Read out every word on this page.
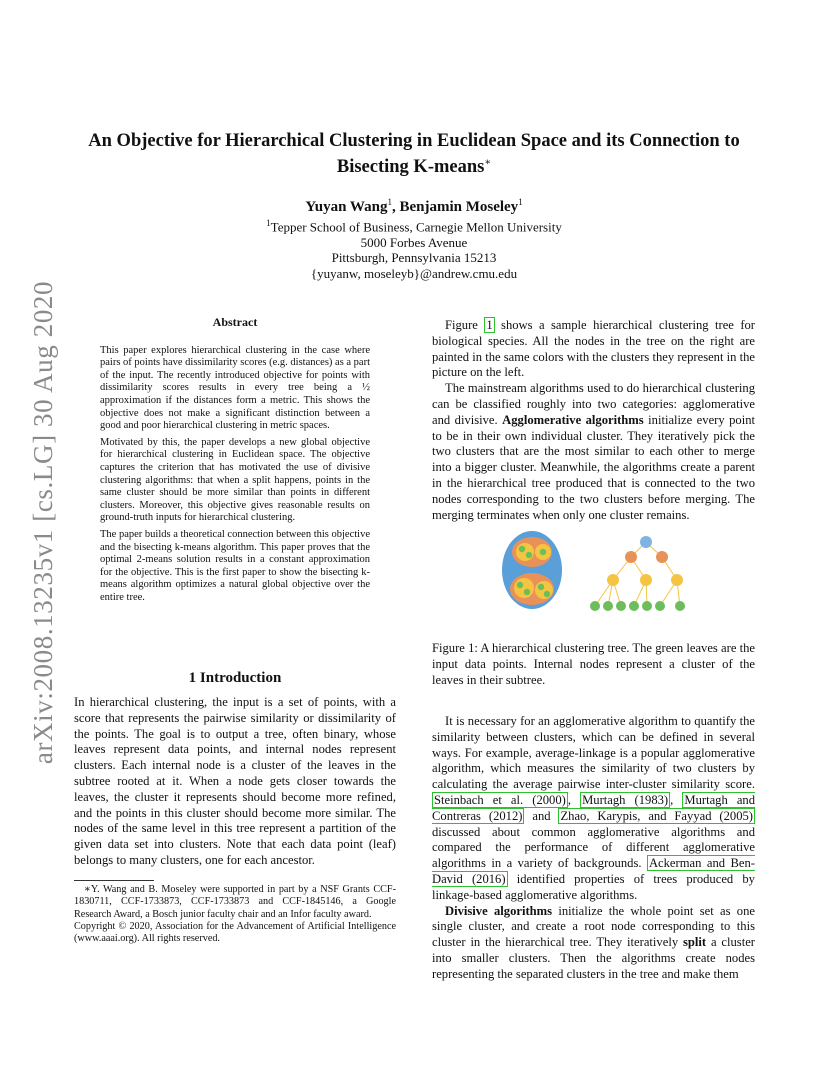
arXiv:2008.13235v1 [cs.LG] 30 Aug 2020
An Objective for Hierarchical Clustering in Euclidean Space and its Connection to
Bisecting K-means∗
Yuyan Wang$^1$, Benjamin Moseley$^1$
$^1$Tepper School of Business, Carnegie Mellon University
5000 Forbes Avenue
Pittsburgh, Pennsylvania 15213
{yuyanw, moseleyb}@andrew.cmu.edu
Abstract

This paper explores hierarchical clustering in the case where pairs of points have dissimilarity scores (e.g. distances) as a part of the input. The recently introduced objective for points with dissimilarity scores results in every tree being a ½ approximation if the distances form a metric. This shows the objective does not make a significant distinction between a good and poor hierarchical clustering in metric spaces.

Motivated by this, the paper develops a new global objective for hierarchical clustering in Euclidean space. The objective captures the criterion that has motivated the use of divisive clustering algorithms: that when a split happens, points in the same cluster should be more similar than points in different clusters. Moreover, this objective gives reasonable results on ground-truth inputs for hierarchical clustering.

The paper builds a theoretical connection between this objective and the bisecting k-means algorithm. This paper proves that the optimal 2-means solution results in a constant approximation for the objective. This is the first paper to show the bisecting k-means algorithm optimizes a natural global objective over the entire tree.

1 Introduction

In hierarchical clustering, the input is a set of points, with a score that represents the pairwise similarity or dissimilarity of the points. The goal is to output a tree, often binary, whose leaves represent data points, and internal nodes represent clusters. Each internal node is a cluster of the leaves in the subtree rooted at it. When a node gets closer towards the leaves, the cluster it represents should become more refined, and the points in this cluster should become more similar. The nodes of the same level in this tree represent a partition of the given data set into clusters. Note that each data point (leaf) belongs to many clusters, one for each ancestor.

∗Y. Wang and B. Moseley were supported in part by a NSF Grants CCF-1830711, CCF-1733873, CCF-1733873 and CCF-1845146, a Google Research Award, a Bosch junior faculty chair and an Infor faculty award.

Copyright © 2020, Association for the Advancement of Artificial Intelligence (www.aaai.org). All rights reserved.

Figure 1 shows a sample hierarchical clustering tree for biological species. All the nodes in the tree on the right are painted in the same colors with the clusters they represent in the picture on the left.

The mainstream algorithms used to do hierarchical clustering can be classified roughly into two categories: agglomerative and divisive. Agglomerative algorithms initialize every point to be in their own individual cluster. They iteratively pick the two clusters that are the most similar to each other to merge into a bigger cluster. Meanwhile, the algorithms create a parent in the hierarchical tree produced that is connected to the two nodes corresponding to the two clusters before merging. The merging terminates when only one cluster remains.

Figure 1: A hierarchical clustering tree. The green leaves are the input data points. Internal nodes represent a cluster of the leaves in their subtree.

It is necessary for an agglomerative algorithm to quantify the similarity between clusters, which can be defined in several ways. For example, average-linkage is a popular agglomerative algorithm, which measures the similarity of two clusters by calculating the average pairwise inter-cluster similarity score. Steinbach et al. (2000) , Murtagh (1983) , Murtagh and Contreras (2012) and Zhao, Karypis, and Fayyad (2005) discussed about common agglomerative algorithms and compared the performance of different agglomerative algorithms in a variety of backgrounds. Ackerman and Ben-David (2016) identified properties of trees produced by linkage-based agglomerative algorithms.

Divisive algorithms initialize the whole point set as one single cluster, and create a root node corresponding to this cluster in the hierarchical tree. They iteratively split a cluster into smaller clusters. Then the algorithms create nodes representing the separated clusters in the tree and make them
